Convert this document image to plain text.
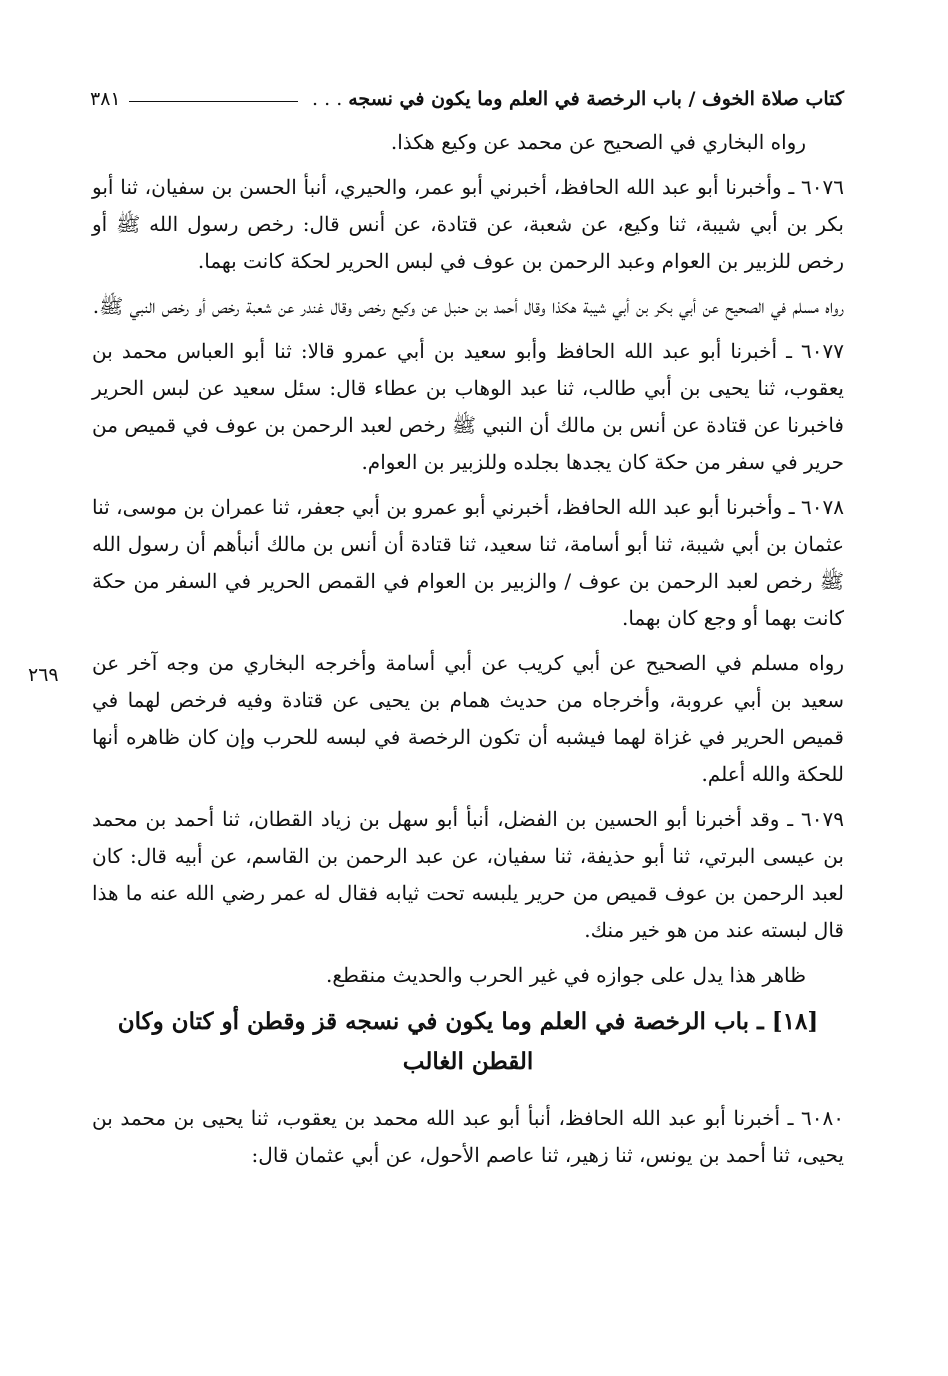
كتاب صلاة الخوف / باب الرخصة في العلم وما يكون في نسجه
. . .
٣٨١
٢٦٩

رواه البخاري في الصحيح عن محمد عن وكيع هكذا.

٦٠٧٦ ـ وأخبرنا أبو عبد الله الحافظ، أخبرني أبو عمر، والحيري، أنبأ الحسن بن سفيان، ثنا أبو بكر بن أبي شيبة، ثنا وكيع، عن شعبة، عن قتادة، عن أنس قال: رخص رسول الله ﷺ أو رخص للزبير بن العوام وعبد الرحمن بن عوف في لبس الحرير لحكة كانت بهما.

رواه مسلم في الصحيح عن أبي بكر بن أبي شيبة هكذا وقال أحمد بن حنبل عن وكيع رخص وقال غندر عن شعبة رخص أو رخص النبي ﷺ.

٦٠٧٧ ـ أخبرنا أبو عبد الله الحافظ وأبو سعيد بن أبي عمرو قالا: ثنا أبو العباس محمد بن يعقوب، ثنا يحيى بن أبي طالب، ثنا عبد الوهاب بن عطاء قال: سئل سعيد عن لبس الحرير فاخبرنا عن قتادة عن أنس بن مالك أن النبي ﷺ رخص لعبد الرحمن بن عوف في قميص من حرير في سفر من حكة كان يجدها بجلده وللزبير بن العوام.

٦٠٧٨ ـ وأخبرنا أبو عبد الله الحافظ، أخبرني أبو عمرو بن أبي جعفر، ثنا عمران بن موسى، ثنا عثمان بن أبي شيبة، ثنا أبو أسامة، ثنا سعيد، ثنا قتادة أن أنس بن مالك أنبأهم أن رسول الله ﷺ رخص لعبد الرحمن بن عوف / والزبير بن العوام في القمص الحرير في السفر من حكة كانت بهما أو وجع كان بهما.

رواه مسلم في الصحيح عن أبي كريب عن أبي أسامة وأخرجه البخاري من وجه آخر عن سعيد بن أبي عروبة، وأخرجاه من حديث همام بن يحيى عن قتادة وفيه فرخص لهما في قميص الحرير في غزاة لهما فيشبه أن تكون الرخصة في لبسه للحرب وإن كان ظاهره أنها للحكة والله أعلم.

٦٠٧٩ ـ وقد أخبرنا أبو الحسين بن الفضل، أنبأ أبو سهل بن زياد القطان، ثنا أحمد بن محمد بن عيسى البرتي، ثنا أبو حذيفة، ثنا سفيان، عن عبد الرحمن بن القاسم، عن أبيه قال: كان لعبد الرحمن بن عوف قميص من حرير يلبسه تحت ثيابه فقال له عمر رضي الله عنه ما هذا قال لبسته عند من هو خير منك.

ظاهر هذا يدل على جوازه في غير الحرب والحديث منقطع.

[١٨] ـ باب الرخصة في العلم وما يكون في نسجه قز وقطن أو كتان وكان القطن الغالب

٦٠٨٠ ـ أخبرنا أبو عبد الله الحافظ، أنبأ أبو عبد الله محمد بن يعقوب، ثنا يحيى بن محمد بن يحيى، ثنا أحمد بن يونس، ثنا زهير، ثنا عاصم الأحول، عن أبي عثمان قال:
